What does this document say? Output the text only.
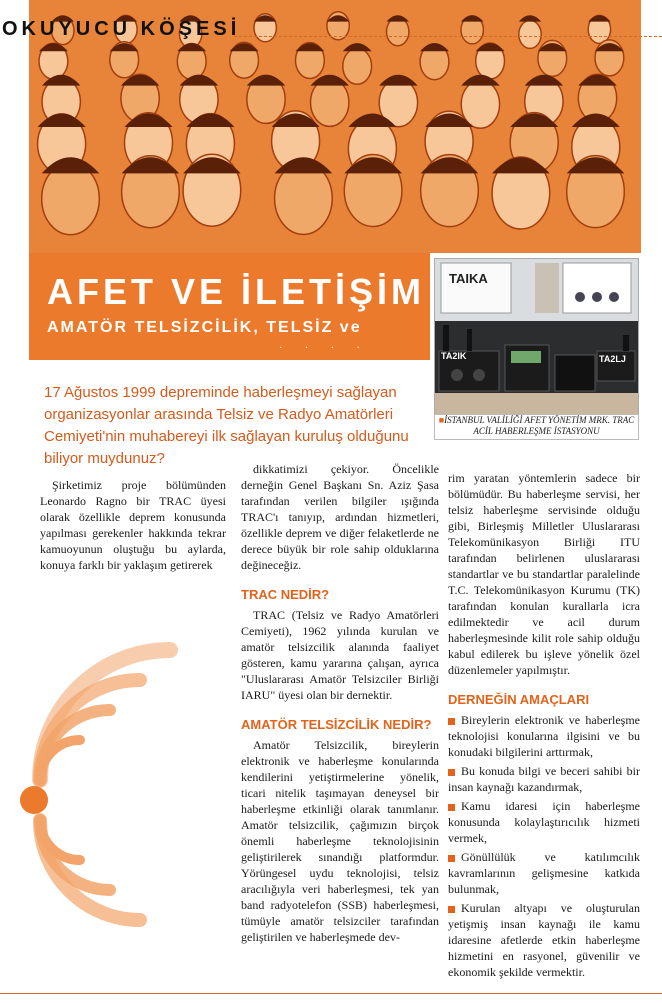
OKUYUCU KÖŞESİ
AFET VE İLETİŞİM
AMATÖR TELSİZCİLİK, TELSİZ ve
· · · ·
TAIKA
TA2IK	TA2LJ
■İSTANBUL VALİLİĞİ AFET YÖNETİM MRK. TRAC ACİL HABERLEŞME İSTASYONU
17 Ağustos 1999 depreminde haberleşmeyi sağlayan organizasyonlar arasında Telsiz ve Radyo Amatörleri Cemiyeti'nin muhabereyi ilk sağlayan kuruluş olduğunu biliyor muydunuz?

Şirketimiz proje bölümünden Leonardo Ragno bir TRAC üyesi olarak özellikle deprem konusunda yapılması gerekenler hakkında tekrar kamuoyunun oluştuğu bu aylarda, konuya farklı bir yaklaşım getirerek

dikkatimizi çekiyor. Öncelikle derneğin Genel Başkanı Sn. Aziz Şasa tarafından verilen bilgiler ışığında TRAC'ı tanıyıp, ardından hizmetleri, özellikle deprem ve diğer felaketlerde ne derece büyük bir role sahip olduklarına değineceğiz.

TRAC NEDİR?

TRAC (Telsiz ve Radyo Amatörleri Cemiyeti), 1962 yılında kurulan ve amatör telsizcilik alanında faaliyet gösteren, kamu yararına çalışan, ayrıca "Uluslararası Amatör Telsizciler Birliği IARU" üyesi olan bir dernektir.

AMATÖR TELSİZCİLİK NEDİR?

Amatör Telsizcilik, bireylerin elektronik ve haberleşme konularında kendilerini yetiştirmelerine yönelik, ticari nitelik taşımayan deneysel bir haberleşme etkinliği olarak tanımlanır. Amatör telsizcilik, çağımızın birçok önemli haberleşme teknolojisinin geliştirilerek sınandığı platformdur. Yörüngesel uydu teknolojisi, telsiz aracılığıyla veri haberleşmesi, tek yan band radyotelefon (SSB) haberleşmesi, tümüyle amatör telsizciler tarafından geliştirilen ve haberleşmede dev-

rim yaratan yöntemlerin sadece bir bölümüdür. Bu haberleşme servisi, her telsiz haberleşme servisinde olduğu gibi, Birleşmiş Milletler Uluslararası Telekomünikasyon Birliği ITU tarafından belirlenen uluslararası standartlar ve bu standartlar paralelinde T.C. Telekomünikasyon Kurumu (TK) tarafından konulan kurallarla icra edilmektedir ve acil durum haberleşmesinde kilit role sahip olduğu kabul edilerek bu işleve yönelik özel düzenlemeler yapılmıştır.

DERNEĞİN AMAÇLARI

Bireylerin elektronik ve haberleşme teknolojisi konularına ilgisini ve bu konudaki bilgilerini arttırmak,

Bu konuda bilgi ve beceri sahibi bir insan kaynağı kazandırmak,

Kamu idaresi için haberleşme konusunda kolaylaştırıcılık hizmeti vermek,

Gönüllülük ve katılımcılık kavramlarının gelişmesine katkıda bulunmak,

Kurulan altyapı ve oluşturulan yetişmiş insan kaynağı ile kamu idaresine afetlerde etkin haberleşme hizmetini en rasyonel, güvenilir ve ekonomik şekilde vermektir.
